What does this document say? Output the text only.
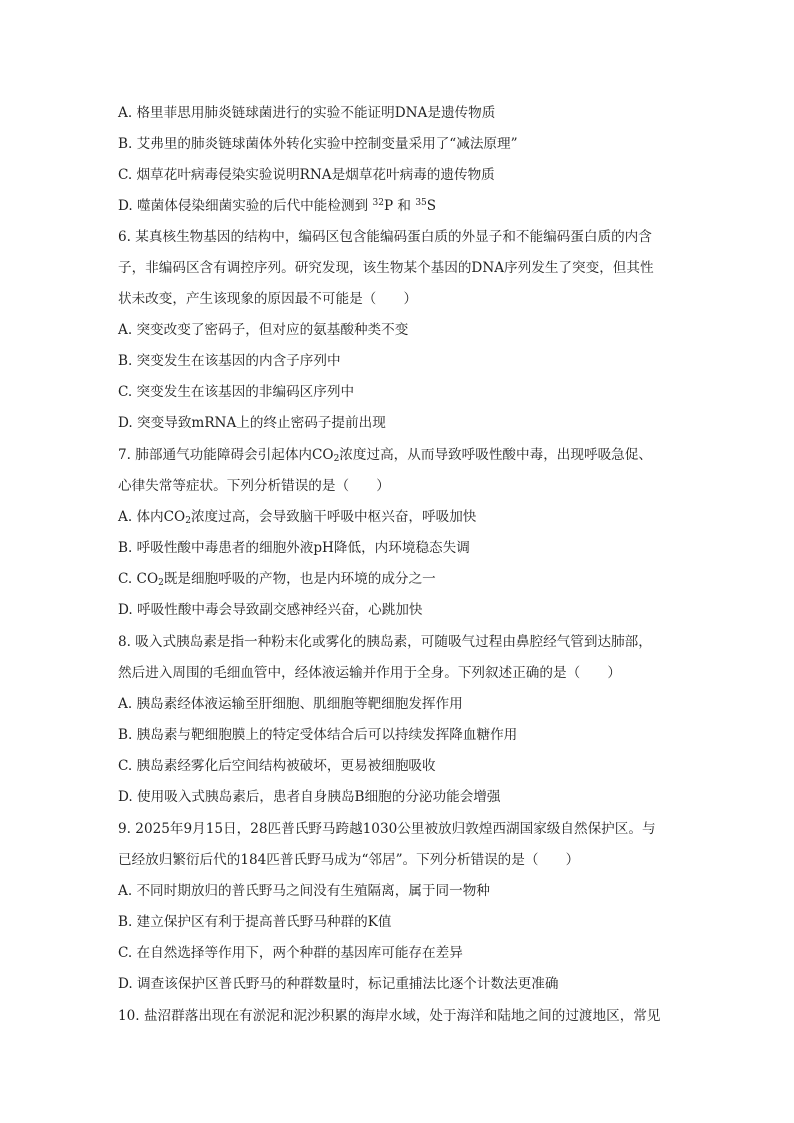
A. 格里菲思用肺炎链球菌进行的实验不能证明DNA是遗传物质
B. 艾弗里的肺炎链球菌体外转化实验中控制变量采用了“减法原理”
C. 烟草花叶病毒侵染实验说明RNA是烟草花叶病毒的遗传物质
D. 噬菌体侵染细菌实验的后代中能检测到 $^{32}$P 和 $^{35}$S
6. 某真核生物基因的结构中，编码区包含能编码蛋白质的外显子和不能编码蛋白质的内含
子，非编码区含有调控序列。研究发现，该生物某个基因的DNA序列发生了突变，但其性
状未改变，产生该现象的原因最不可能是（　　）
A. 突变改变了密码子，但对应的氨基酸种类不变
B. 突变发生在该基因的内含子序列中
C. 突变发生在该基因的非编码区序列中
D. 突变导致mRNA上的终止密码子提前出现
7. 肺部通气功能障碍会引起体内$CO_2$浓度过高，从而导致呼吸性酸中毒，出现呼吸急促、
心律失常等症状。下列分析错误的是（　　）
A. 体内$CO_2$浓度过高，会导致脑干呼吸中枢兴奋，呼吸加快
B. 呼吸性酸中毒患者的细胞外液pH降低，内环境稳态失调
C. $CO_2$既是细胞呼吸的产物，也是内环境的成分之一
D. 呼吸性酸中毒会导致副交感神经兴奋，心跳加快
8. 吸入式胰岛素是指一种粉末化或雾化的胰岛素，可随吸气过程由鼻腔经气管到达肺部，
然后进入周围的毛细血管中，经体液运输并作用于全身。下列叙述正确的是（　　）
A. 胰岛素经体液运输至肝细胞、肌细胞等靶细胞发挥作用
B. 胰岛素与靶细胞膜上的特定受体结合后可以持续发挥降血糖作用
C. 胰岛素经雾化后空间结构被破坏，更易被细胞吸收
D. 使用吸入式胰岛素后，患者自身胰岛B细胞的分泌功能会增强
9. 2025年9月15日，28匹普氏野马跨越1030公里被放归敦煌西湖国家级自然保护区。与
已经放归繁衍后代的184匹普氏野马成为“邻居”。下列分析错误的是（　　）
A. 不同时期放归的普氏野马之间没有生殖隔离，属于同一物种
B. 建立保护区有利于提高普氏野马种群的K值
C. 在自然选择等作用下，两个种群的基因库可能存在差异
D. 调查该保护区普氏野马的种群数量时，标记重捕法比逐个计数法更准确
10. 盐沼群落出现在有淤泥和泥沙积累的海岸水域，处于海洋和陆地之间的过渡地区，常见
